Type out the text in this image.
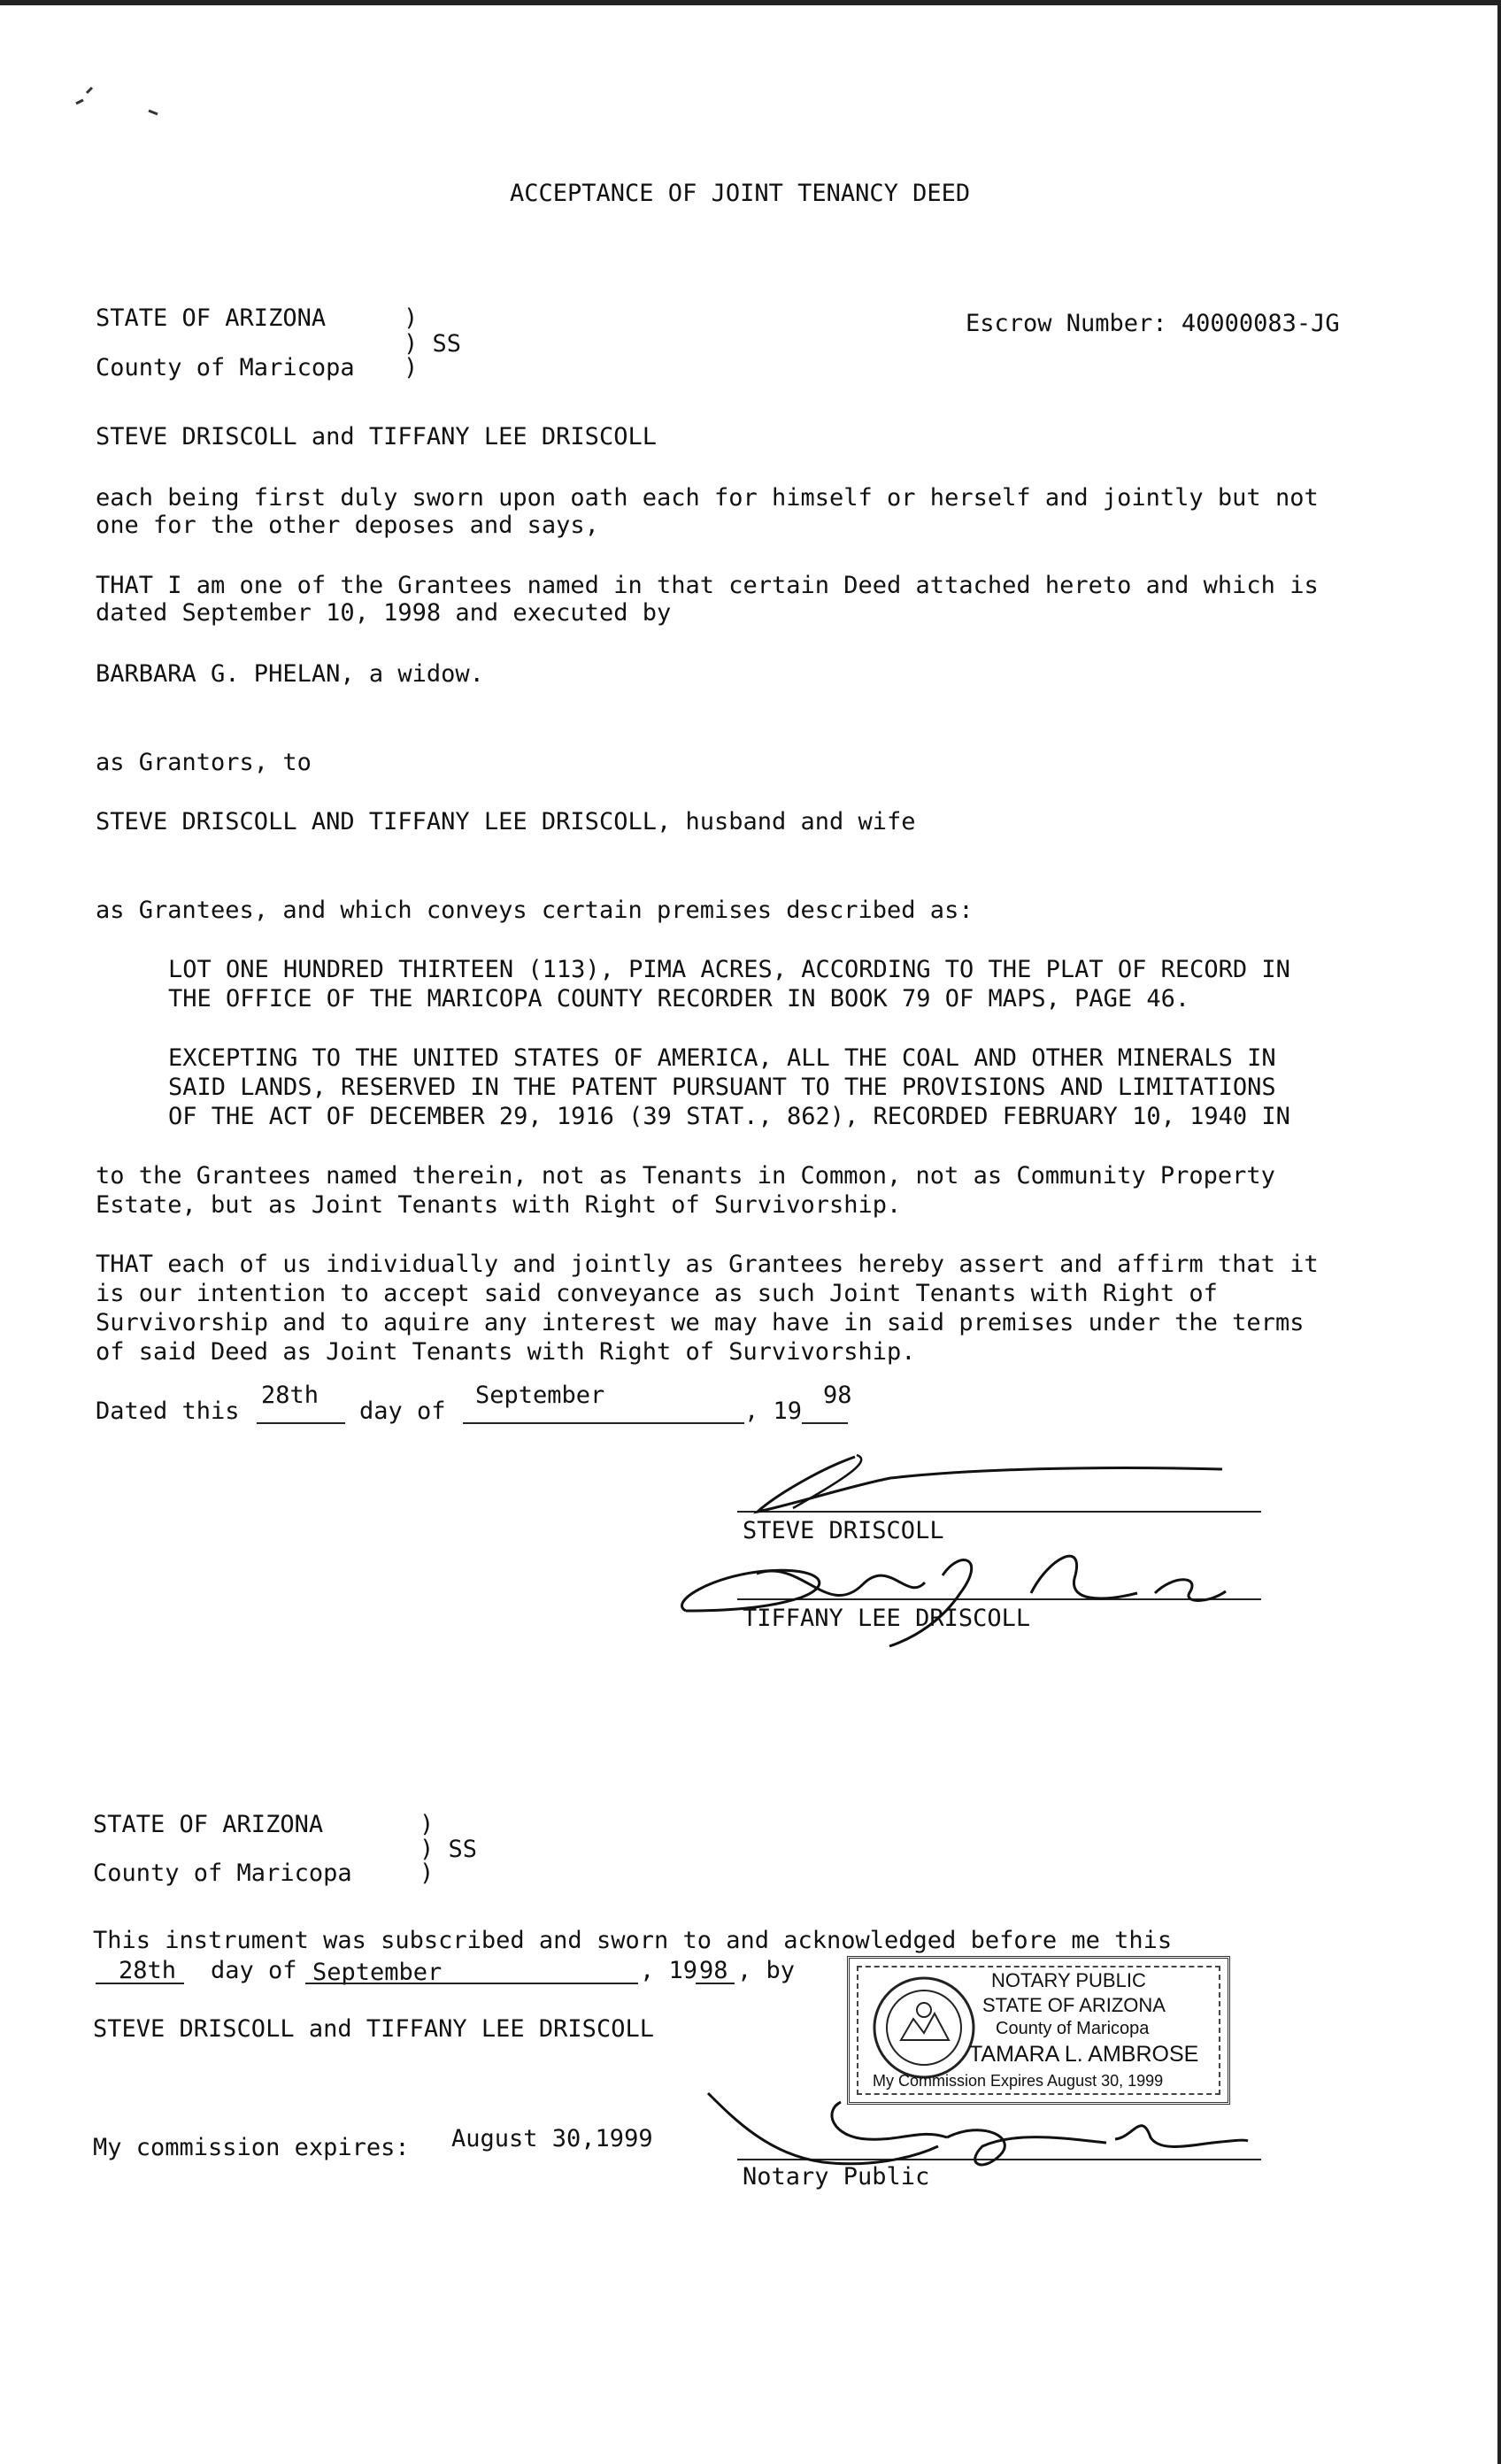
ACCEPTANCE OF JOINT TENANCY DEED
STATE OF ARIZONA	)
) SS
County of Maricopa )
Escrow Number: 40000083-JG
STEVE DRISCOLL and TIFFANY LEE DRISCOLL
each being first duly sworn upon oath each for himself or herself and jointly but not
one for the other deposes and says,
THAT I am one of the Grantees named in that certain Deed attached hereto and which is
dated September 10, 1998 and executed by
BARBARA G. PHELAN, a widow.
as Grantors, to
STEVE DRISCOLL AND TIFFANY LEE DRISCOLL, husband and wife
as Grantees, and which conveys certain premises described as:
LOT ONE HUNDRED THIRTEEN (113), PIMA ACRES, ACCORDING TO THE PLAT OF RECORD IN
THE OFFICE OF THE MARICOPA COUNTY RECORDER IN BOOK 79 OF MAPS, PAGE 46.
EXCEPTING TO THE UNITED STATES OF AMERICA, ALL THE COAL AND OTHER MINERALS IN
SAID LANDS, RESERVED IN THE PATENT PURSUANT TO THE PROVISIONS AND LIMITATIONS
OF THE ACT OF DECEMBER 29, 1916 (39 STAT., 862), RECORDED FEBRUARY 10, 1940 IN
to the Grantees named therein, not as Tenants in Common, not as Community Property
Estate, but as Joint Tenants with Right of Survivorship.
THAT each of us individually and jointly as Grantees hereby assert and affirm that it
is our intention to accept said conveyance as such Joint Tenants with Right of
Survivorship and to aquire any interest we may have in said premises under the terms
of said Deed as Joint Tenants with Right of Survivorship.
Dated this
28th
day of
September
, 19
98
STEVE DRISCOLL
TIFFANY LEE DRISCOLL
STATE OF ARIZONA	)
) SS
County of Maricopa	)
This instrument was subscribed and sworn to and acknowledged before me this
28th day of September	, 19 98 , by
STEVE DRISCOLL and TIFFANY LEE DRISCOLL
NOTARY PUBLIC
STATE OF ARIZONA
County of Maricopa
TAMARA L. AMBROSE
My Commission Expires August 30, 1999
My commission expires: August 30,1999
Notary Public
